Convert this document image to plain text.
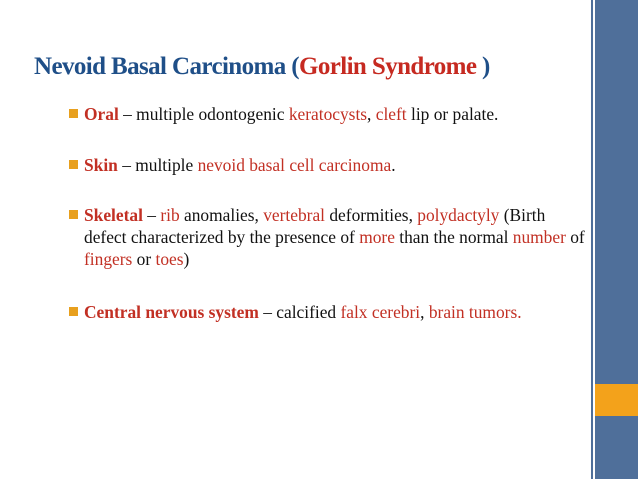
Nevoid Basal Carcinoma (Gorlin Syndrome )
Oral – multiple odontogenic keratocysts, cleft lip or palate.
Skin – multiple nevoid basal cell carcinoma.
Skeletal – rib anomalies, vertebral deformities, polydactyly (Birth defect characterized by the presence of more than the normal number of fingers or toes)
Central nervous system – calcified falx cerebri, brain tumors.
